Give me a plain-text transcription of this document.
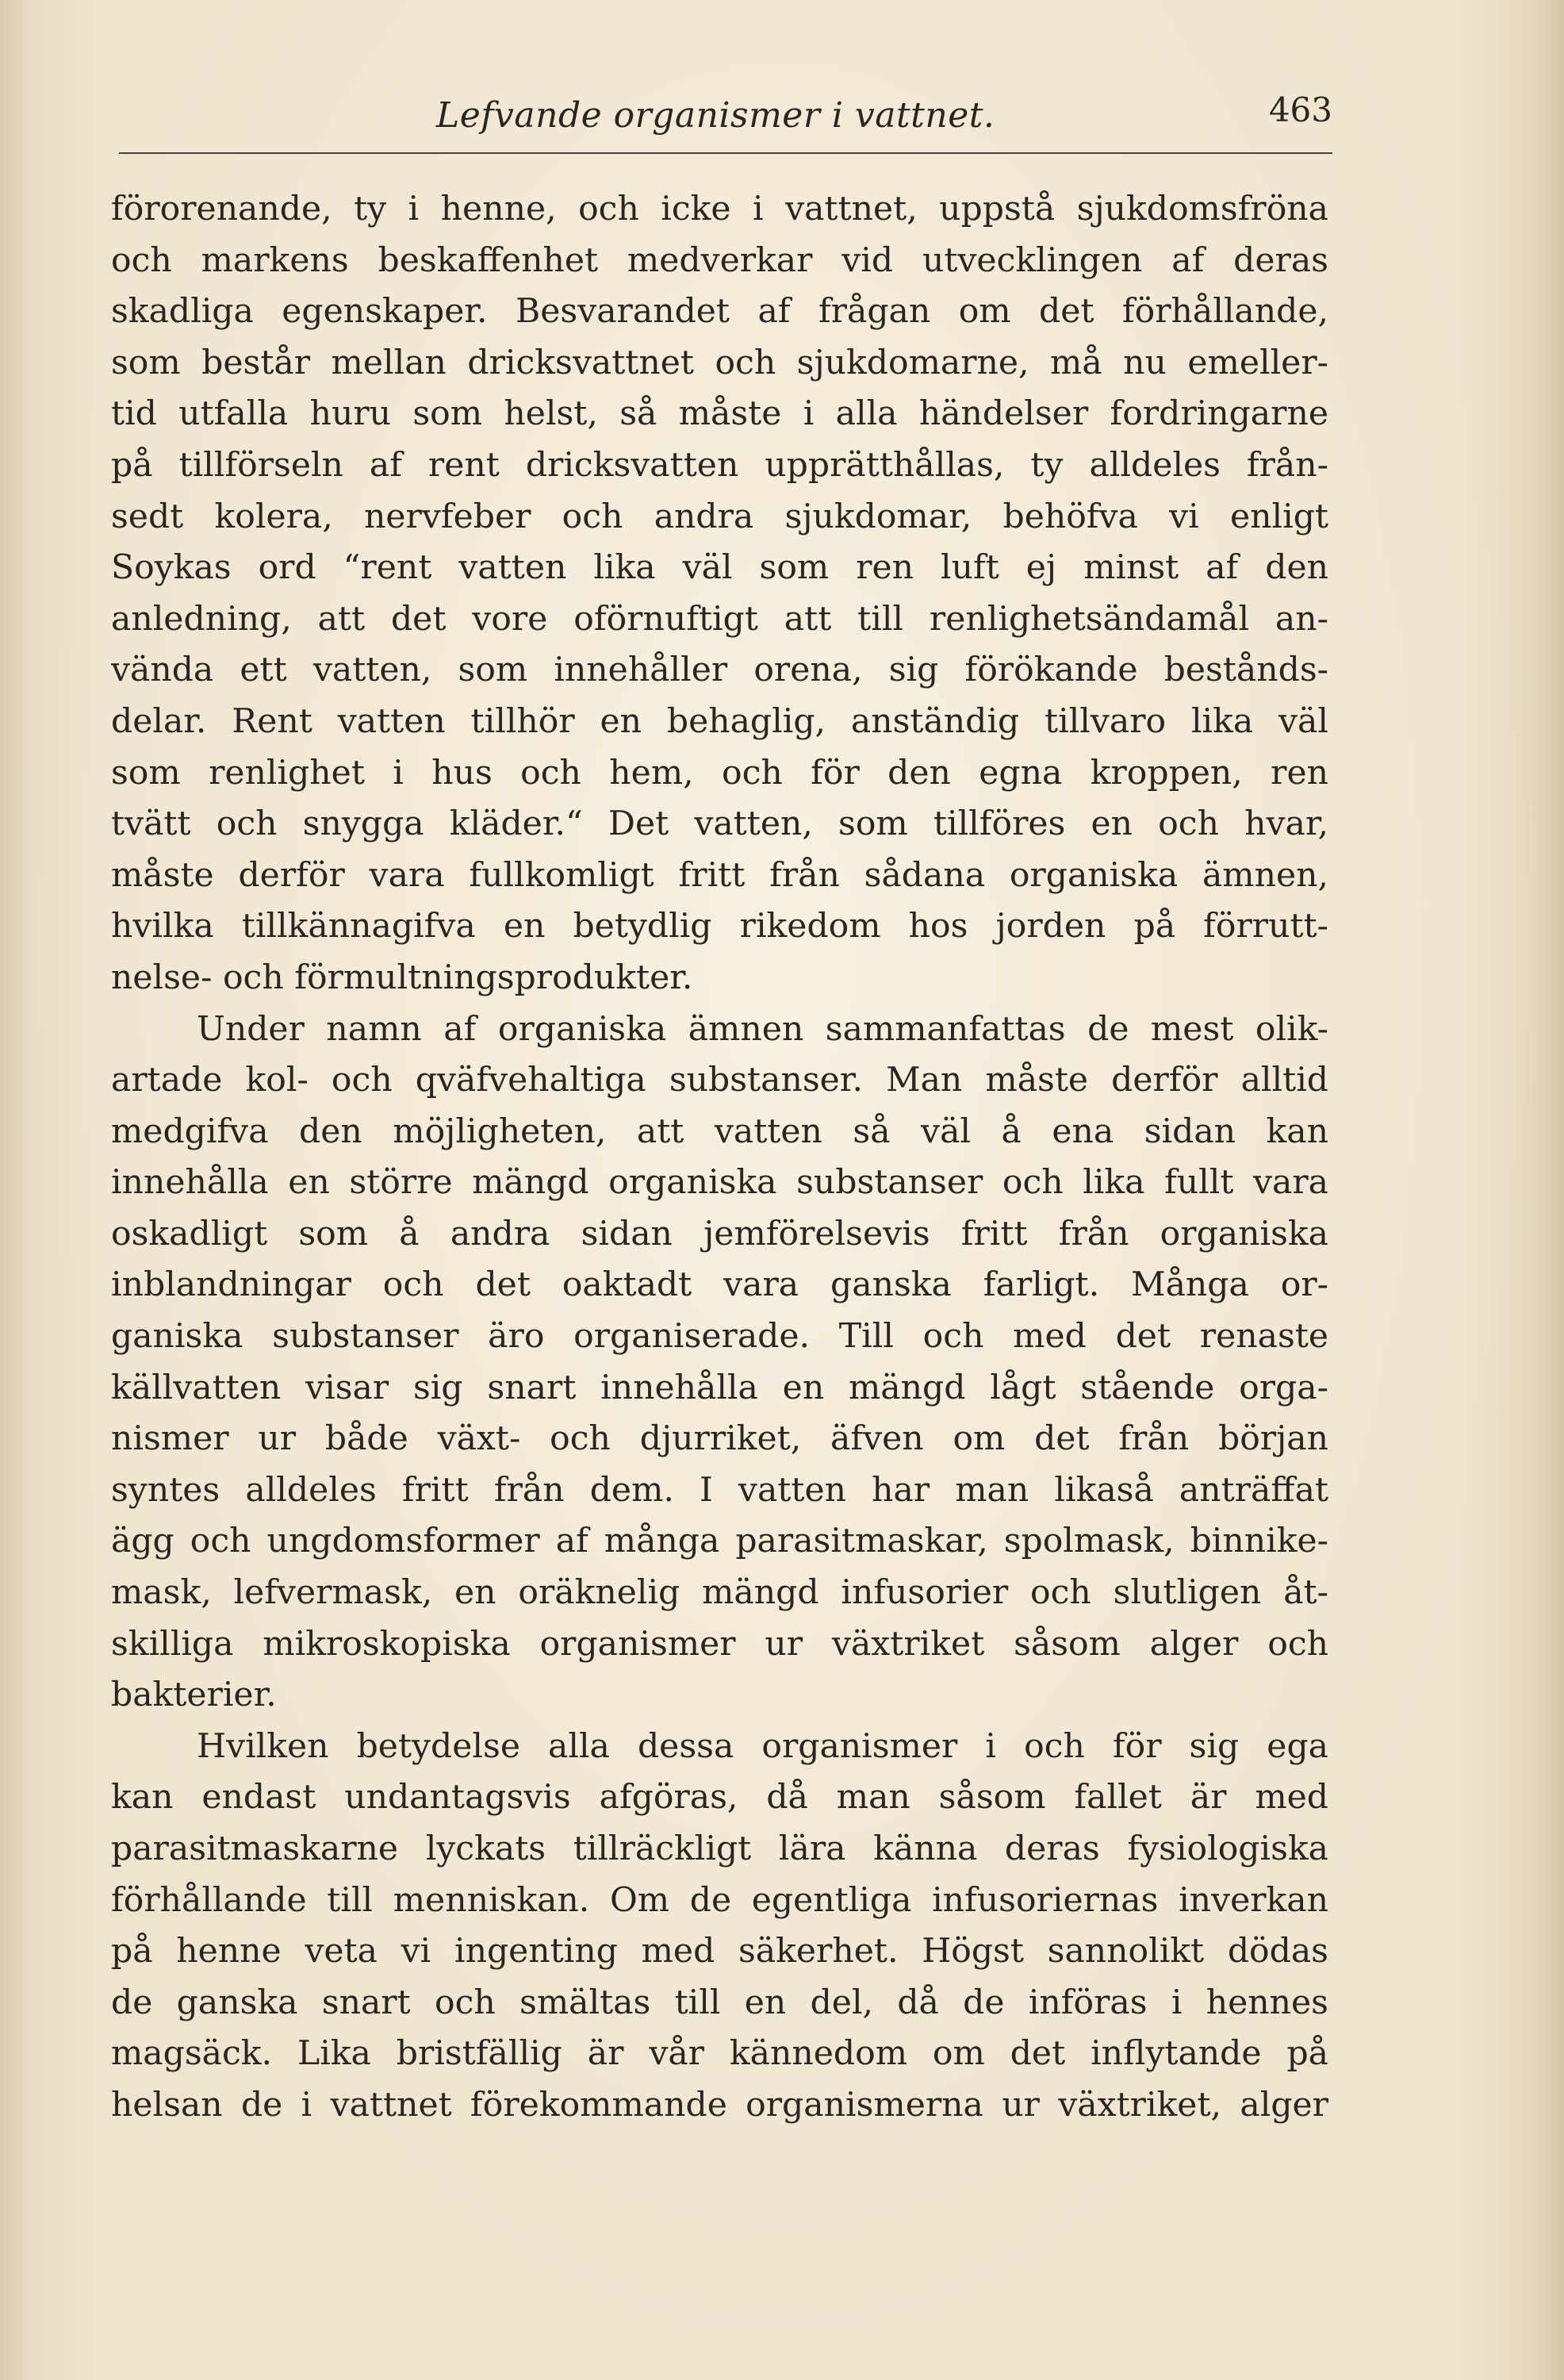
Lefvande organismer i vattnet.	463
förorenande, ty i henne, och icke i vattnet, uppstå sjukdomsfröna
och markens beskaffenhet medverkar vid utvecklingen af deras
skadliga egenskaper. Besvarandet af frågan om det förhållande,
som består mellan dricksvattnet och sjukdomarne, må nu emeller-
tid utfalla huru som helst, så måste i alla händelser fordringarne
på tillförseln af rent dricksvatten upprätthållas, ty alldeles från-
sedt kolera, nervfeber och andra sjukdomar, behöfva vi enligt
Soykas ord “rent vatten lika väl som ren luft ej minst af den
anledning, att det vore oförnuftigt att till renlighetsändamål an-
vända ett vatten, som innehåller orena, sig förökande bestånds-
delar. Rent vatten tillhör en behaglig, anständig tillvaro lika väl
som renlighet i hus och hem, och för den egna kroppen, ren
tvätt och snygga kläder.“ Det vatten, som tillföres en och hvar,
måste derför vara fullkomligt fritt från sådana organiska ämnen,
hvilka tillkännagifva en betydlig rikedom hos jorden på förrutt-
nelse- och förmultningsprodukter.
Under namn af organiska ämnen sammanfattas de mest olik-
artade kol- och qväfvehaltiga substanser. Man måste derför alltid
medgifva den möjligheten, att vatten så väl å ena sidan kan
innehålla en större mängd organiska substanser och lika fullt vara
oskadligt som å andra sidan jemförelsevis fritt från organiska
inblandningar och det oaktadt vara ganska farligt. Många or-
ganiska substanser äro organiserade. Till och med det renaste
källvatten visar sig snart innehålla en mängd lågt stående orga-
nismer ur både växt- och djurriket, äfven om det från början
syntes alldeles fritt från dem. I vatten har man likaså anträffat
ägg och ungdomsformer af många parasitmaskar, spolmask, binnike-
mask, lefvermask, en oräknelig mängd infusorier och slutligen åt-
skilliga mikroskopiska organismer ur växtriket såsom alger och
bakterier.
Hvilken betydelse alla dessa organismer i och för sig ega
kan endast undantagsvis afgöras, då man såsom fallet är med
parasitmaskarne lyckats tillräckligt lära känna deras fysiologiska
förhållande till menniskan. Om de egentliga infusoriernas inverkan
på henne veta vi ingenting med säkerhet. Högst sannolikt dödas
de ganska snart och smältas till en del, då de införas i hennes
magsäck. Lika bristfällig är vår kännedom om det inflytande på
helsan de i vattnet förekommande organismerna ur växtriket, alger
